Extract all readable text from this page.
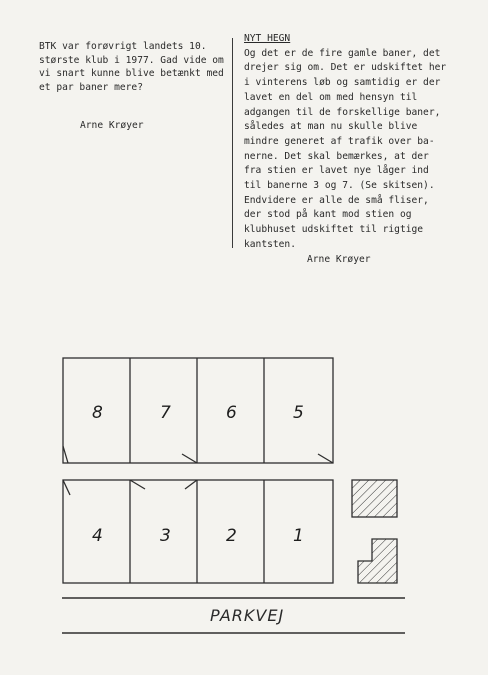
BTK var forøvrigt landets 10.
største klub i 1977. Gad vide om
vi snart kunne blive betænkt med
et par baner mere?
Arne Krøyer
NYT HEGN
Og det er de fire gamle baner, det
drejer sig om. Det er udskiftet her
i vinterens løb og samtidig er der
lavet en del om med hensyn til
adgangen til de forskellige baner,
således at man nu skulle blive
mindre generet af trafik over ba-
nerne. Det skal bemærkes, at der
fra stien er lavet nye låger ind
til banerne 3 og 7. (Se skitsen).
Endvidere er alle de små fliser,
der stod på kant mod stien og
klubhuset udskiftet til rigtige
kantsten.
Arne Krøyer
8	7	6	5
4	3	2	1
PARKVEJ
